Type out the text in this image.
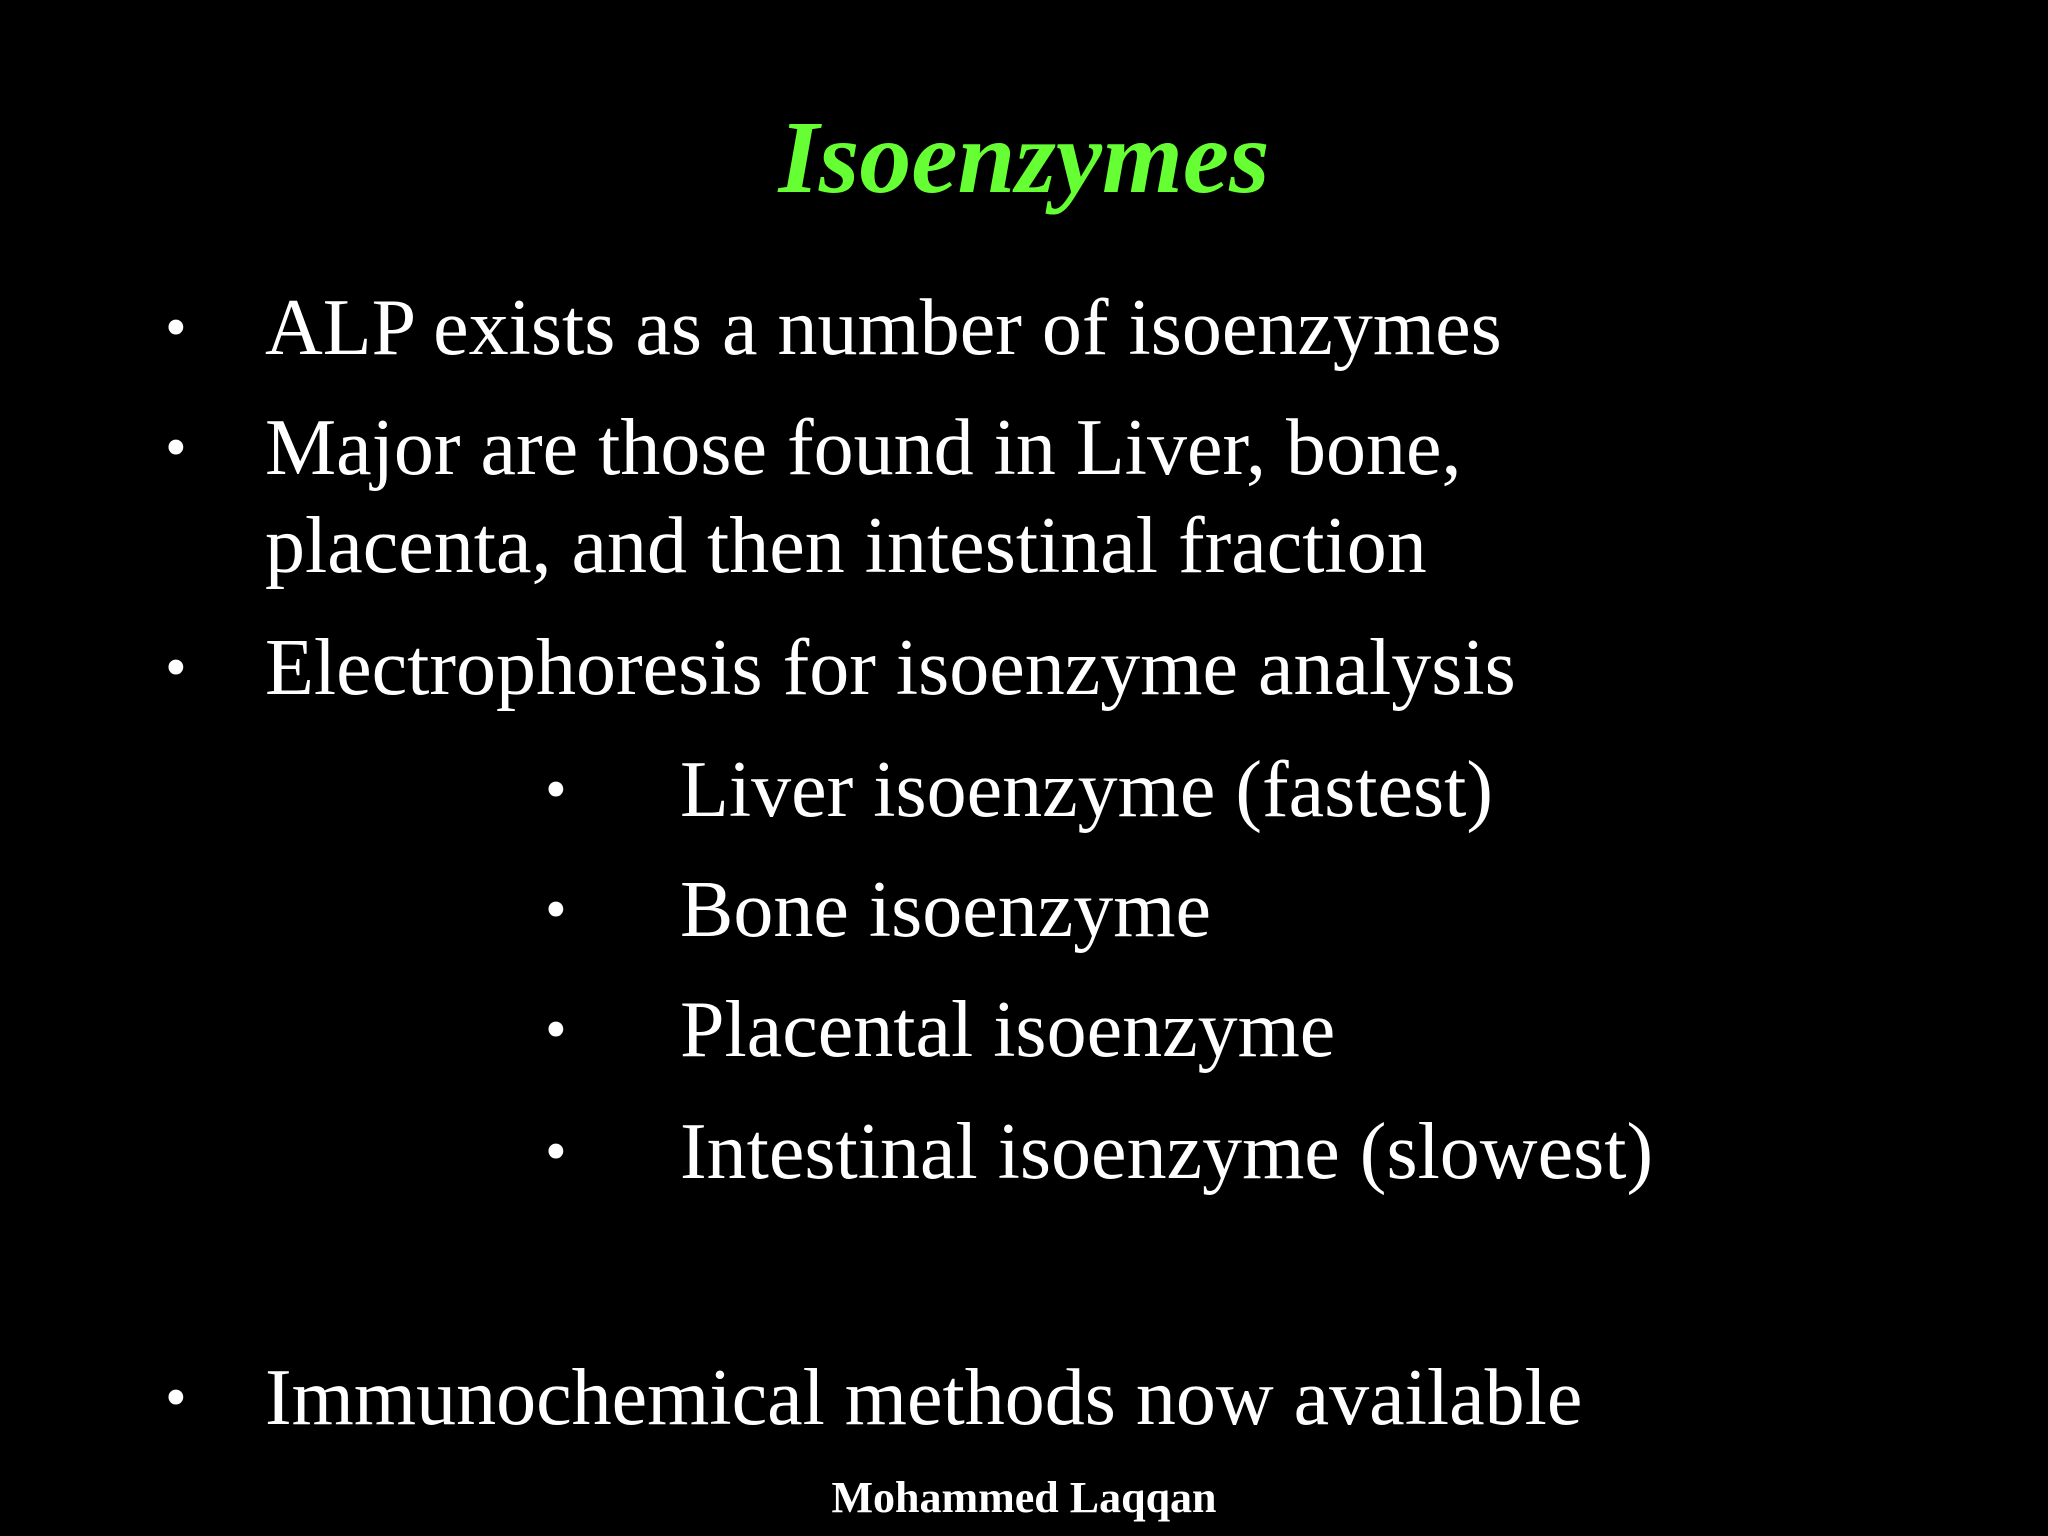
Isoenzymes
• ALP exists as a number of isoenzymes
• Major are those found in Liver, bone,
placenta, and then intestinal fraction
• Electrophoresis for isoenzyme analysis
• Liver isoenzyme (fastest)
• Bone isoenzyme
• Placental isoenzyme
• Intestinal isoenzyme (slowest)
• Immunochemical methods now available
Mohammed Laqqan
